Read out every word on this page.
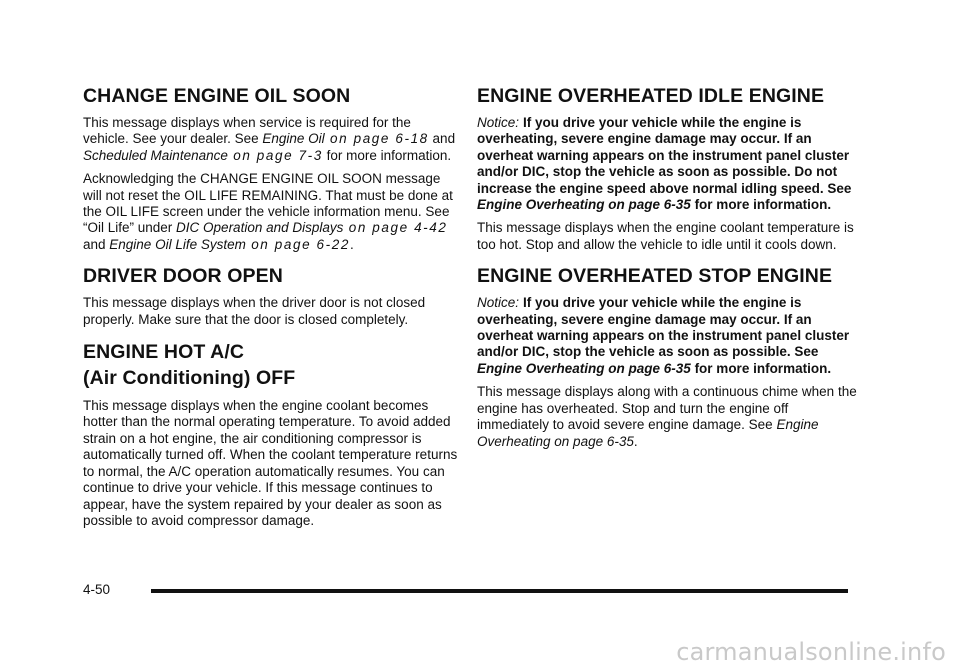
CHANGE ENGINE OIL SOON

This message displays when service is required for the vehicle. See your dealer. See Engine Oil on page 6-18 and Scheduled Maintenance on page 7-3 for more information.

Acknowledging the CHANGE ENGINE OIL SOON message will not reset the OIL LIFE REMAINING. That must be done at the OIL LIFE screen under the vehicle information menu. See “Oil Life” under DIC Operation and Displays on page 4-42 and Engine Oil Life System on page 6-22.

DRIVER DOOR OPEN

This message displays when the driver door is not closed properly. Make sure that the door is closed completely.

ENGINE HOT A/C
(Air Conditioning) OFF

This message displays when the engine coolant becomes hotter than the normal operating temperature. To avoid added strain on a hot engine, the air conditioning compressor is automatically turned off. When the coolant temperature returns to normal, the A/C operation automatically resumes. You can continue to drive your vehicle. If this message continues to appear, have the system repaired by your dealer as soon as possible to avoid compressor damage.

ENGINE OVERHEATED IDLE ENGINE

Notice: If you drive your vehicle while the engine is overheating, severe engine damage may occur. If an overheat warning appears on the instrument panel cluster and/or DIC, stop the vehicle as soon as possible. Do not increase the engine speed above normal idling speed. See Engine Overheating on page 6-35 for more information.

This message displays when the engine coolant temperature is too hot. Stop and allow the vehicle to idle until it cools down.

ENGINE OVERHEATED STOP ENGINE

Notice: If you drive your vehicle while the engine is overheating, severe engine damage may occur. If an overheat warning appears on the instrument panel cluster and/or DIC, stop the vehicle as soon as possible. See Engine Overheating on page 6-35 for more information.

This message displays along with a continuous chime when the engine has overheated. Stop and turn the engine off immediately to avoid severe engine damage. See Engine Overheating on page 6-35.

4-50
carmanualsonline.info
